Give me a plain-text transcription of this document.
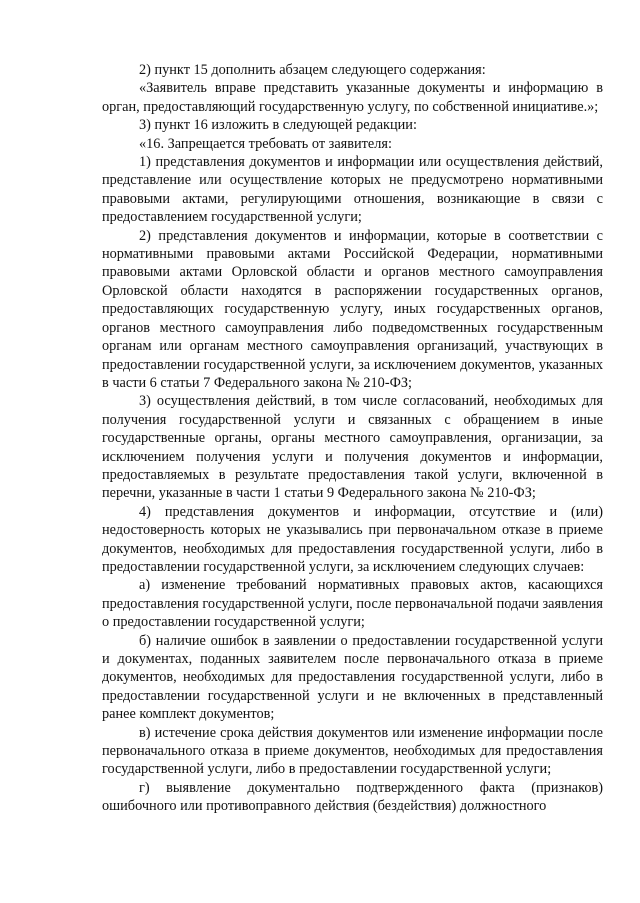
2) пункт 15 дополнить абзацем следующего содержания:

«Заявитель вправе представить указанные документы и информацию в орган, предоставляющий государственную услугу, по собственной инициативе.»;

3) пункт 16 изложить в следующей редакции:

«16. Запрещается требовать от заявителя:

1) представления документов и информации или осуществления действий, представление или осуществление которых не предусмотрено нормативными правовыми актами, регулирующими отношения, возникающие в связи с предоставлением государственной услуги;

2) представления документов и информации, которые в соответствии с нормативными правовыми актами Российской Федерации, нормативными правовыми актами Орловской области и органов местного самоуправления Орловской области находятся в распоряжении государственных органов, предоставляющих государственную услугу, иных государственных органов, органов местного самоуправления либо подведомственных государственным органам или органам местного самоуправления организаций, участвующих в предоставлении государственной услуги, за исключением документов, указанных в части 6 статьи 7 Федерального закона № 210-ФЗ;

3) осуществления действий, в том числе согласований, необходимых для получения государственной услуги и связанных с обращением в иные государственные органы, органы местного самоуправления, организации, за исключением получения услуги и получения документов и информации, предоставляемых в результате предоставления такой услуги, включенной в перечни, указанные в части 1 статьи 9 Федерального закона № 210-ФЗ;

4) представления документов и информации, отсутствие и (или) недостоверность которых не указывались при первоначальном отказе в приеме документов, необходимых для предоставления государственной услуги, либо в предоставлении государственной услуги, за исключением следующих случаев:

а) изменение требований нормативных правовых актов, касающихся предоставления государственной услуги, после первоначальной подачи заявления о предоставлении государственной услуги;

б) наличие ошибок в заявлении о предоставлении государственной услуги и документах, поданных заявителем после первоначального отказа в приеме документов, необходимых для предоставления государственной услуги, либо в предоставлении государственной услуги и не включенных в представленный ранее комплект документов;

в) истечение срока действия документов или изменение информации после первоначального отказа в приеме документов, необходимых для предоставления государственной услуги, либо в предоставлении государственной услуги;

г) выявление документально подтвержденного факта (признаков) ошибочного или противоправного действия (бездействия) должностного
